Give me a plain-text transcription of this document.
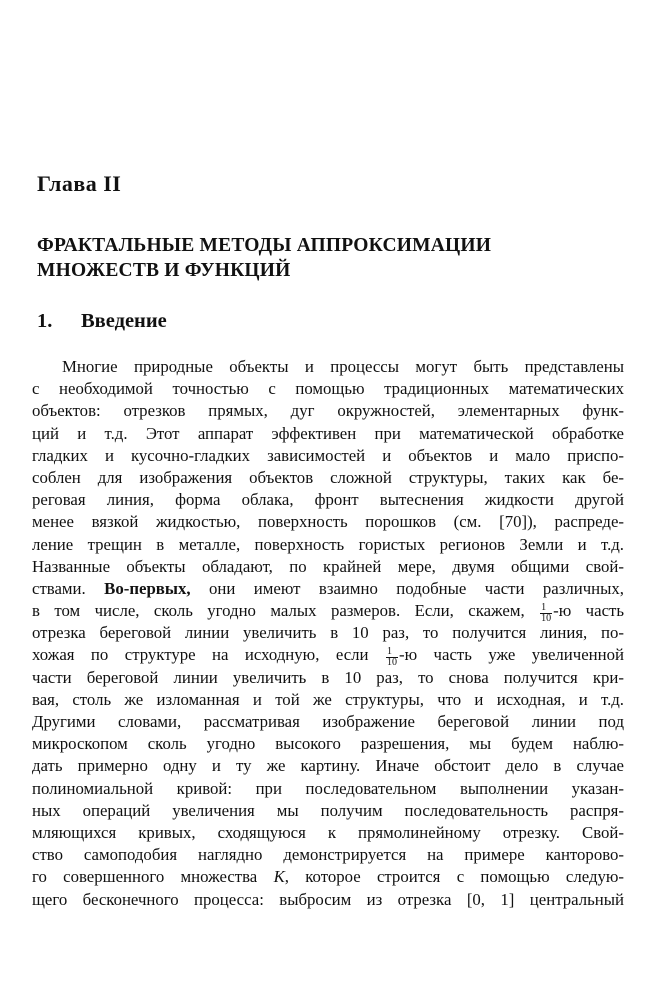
Глава II
ФРАКТАЛЬНЫЕ МЕТОДЫ АППРОКСИМАЦИИ
МНОЖЕСТВ И ФУНКЦИЙ
1. Введение
Многие природные объекты и процессы могут быть представлены
с необходимой точностью с помощью традиционных математических
объектов: отрезков прямых, дуг окружностей, элементарных функ-
ций и т.д. Этот аппарат эффективен при математической обработке
гладких и кусочно-гладких зависимостей и объектов и мало приспо-
соблен для изображения объектов сложной структуры, таких как бе-
реговая линия, форма облака, фронт вытеснения жидкости другой
менее вязкой жидкостью, поверхность порошков (см. [70]), распреде-
ление трещин в металле, поверхность гористых регионов Земли и т.д.
Названные объекты обладают, по крайней мере, двумя общими свой-
ствами. Во-первых, они имеют взаимно подобные части различных,
в том числе, сколь угодно малых размеров. Если, скажем, $\frac{1}{10} -ю$ часть
отрезка береговой линии увеличить в 10 раз, то получится линия, по-
хожая по структуре на исходную, если $\frac{1}{10} -ю$ часть уже увеличенной
части береговой линии увеличить в 10 раз, то снова получится кри-
вая, столь же изломанная и той же структуры, что и исходная, и т.д.
Другими словами, рассматривая изображение береговой линии под
микроскопом сколь угодно высокого разрешения, мы будем наблю-
дать примерно одну и ту же картину. Иначе обстоит дело в случае
полиномиальной кривой: при последовательном выполнении указан-
ных операций увеличения мы получим последовательность распря-
мляющихся кривых, сходящуюся к прямолинейному отрезку. Свой-
ство самоподобия наглядно демонстрируется на примере канторово-
го совершенного множества K, которое строится с помощью следую-
щего бесконечного процесса: выбросим из отрезка [0, 1] центральный
